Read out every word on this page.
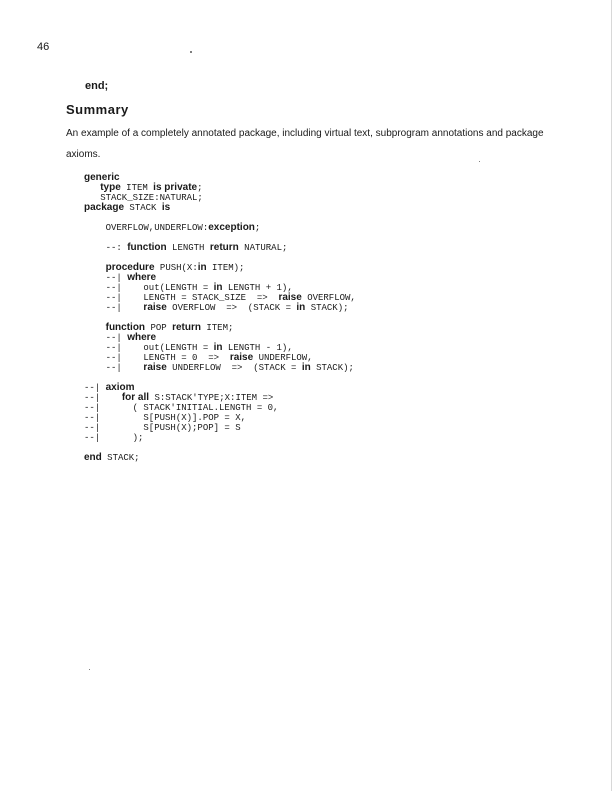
46
end;
Summary
An example of a completely annotated package, including virtual text, subprogram annotations and package axioms.
generic
type ITEM is private;
STACK_SIZE:NATURAL;
package STACK is
OVERFLOW,UNDERFLOW:exception;
--: function LENGTH return NATURAL;
procedure PUSH(X:in ITEM);
--| where
--|    out(LENGTH = in LENGTH + 1),
--|    LENGTH = STACK_SIZE  =>  raise OVERFLOW,
--|    raise OVERFLOW  =>  (STACK = in STACK);
function POP return ITEM;
--| where
--|    out(LENGTH = in LENGTH - 1),
--|    LENGTH = 0  =>  raise UNDERFLOW,
--|    raise UNDERFLOW  =>  (STACK = in STACK);
--| axiom
--|    for all S:STACK'TYPE;X:ITEM =>
--|      ( STACK'INITIAL.LENGTH = 0,
--|        S[PUSH(X)].POP = X,
--|        S[PUSH(X);POP] = S
--|      );
end STACK;
